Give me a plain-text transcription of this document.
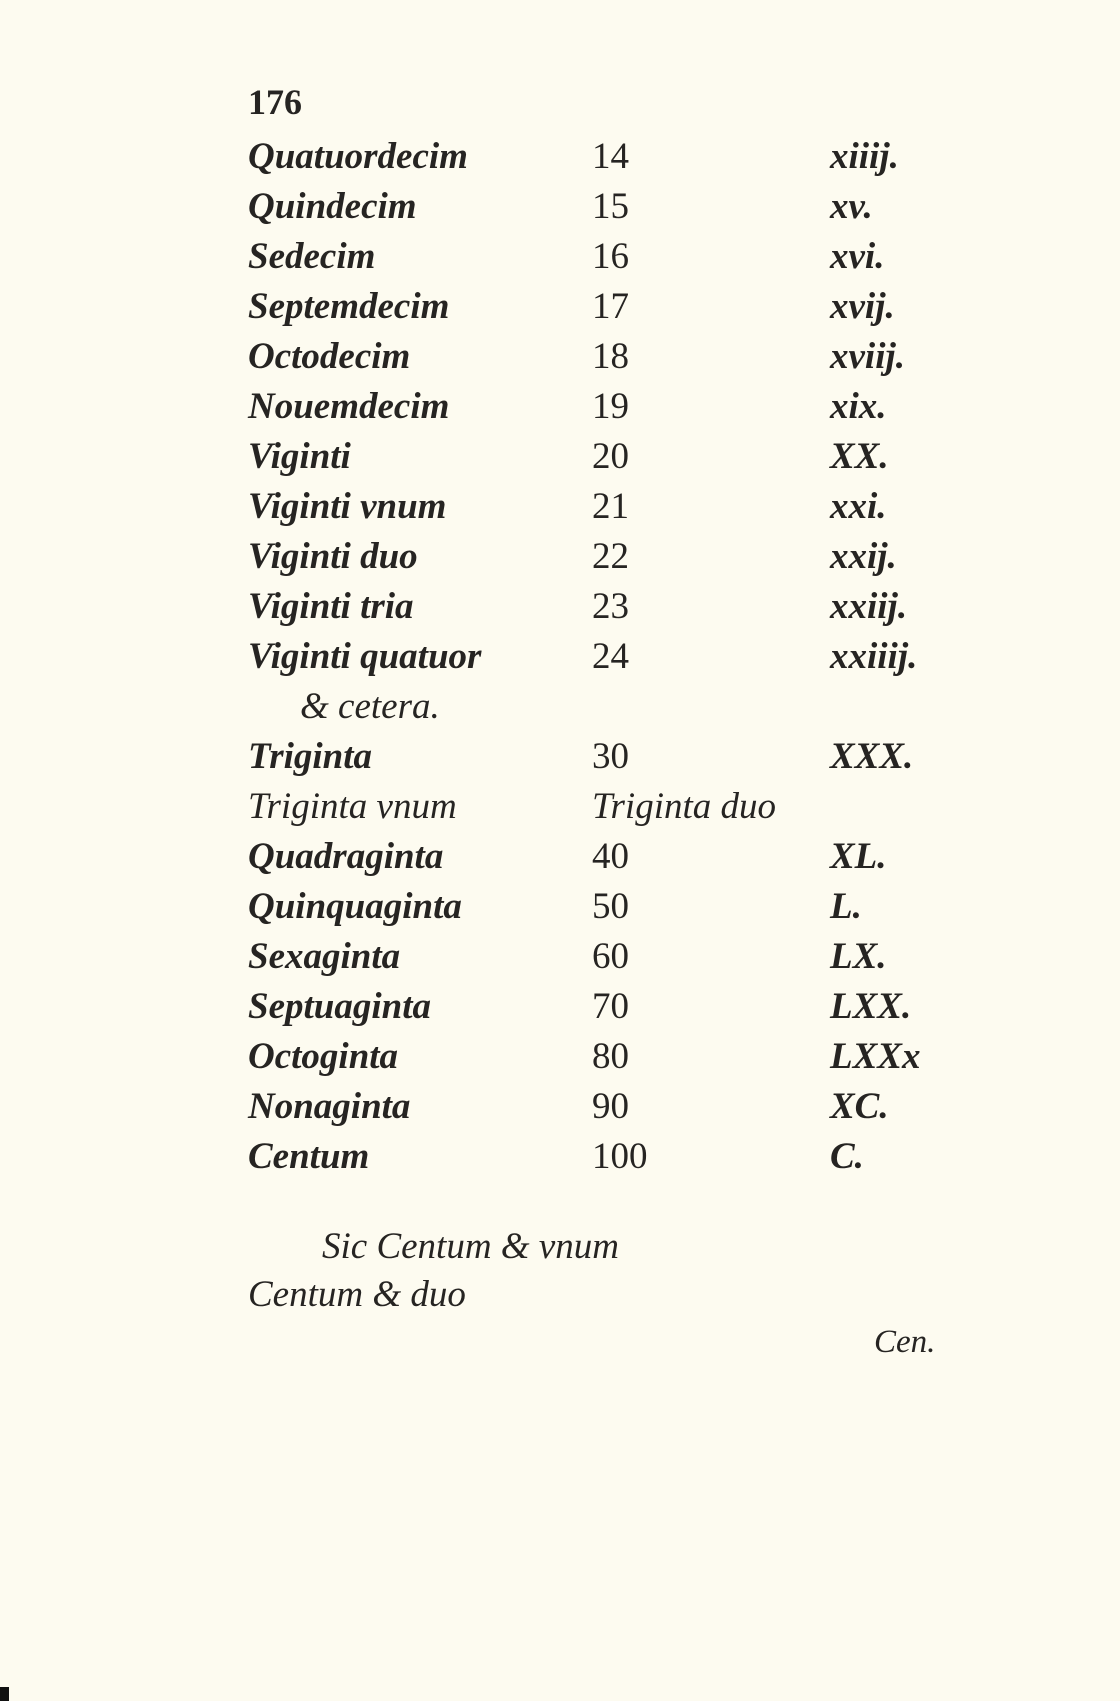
176
Quatuordecim	14	xiiij.
Quindecim	15	xv.
Sedecim	16	xvi.
Septemdecim	17	xvij.
Octodecim	18	xviij.
Nouemdecim	19	xix.
Viginti	20	XX.
Viginti vnum	21	xxi.
Viginti duo	22	xxij.
Viginti tria	23	xxiij.
Viginti quatuor	24	xxiiij.
& cetera.
Triginta	30	XXX.
Triginta vnum	Triginta duo
Quadraginta	40	XL.
Quinquaginta	50	L.
Sexaginta	60	LX.
Septuaginta	70	LXX.
Octoginta	80	LXXx
Nonaginta	90	XC.
Centum	100	C.
Sic Centum & vnum
Centum & duo
Cen.
